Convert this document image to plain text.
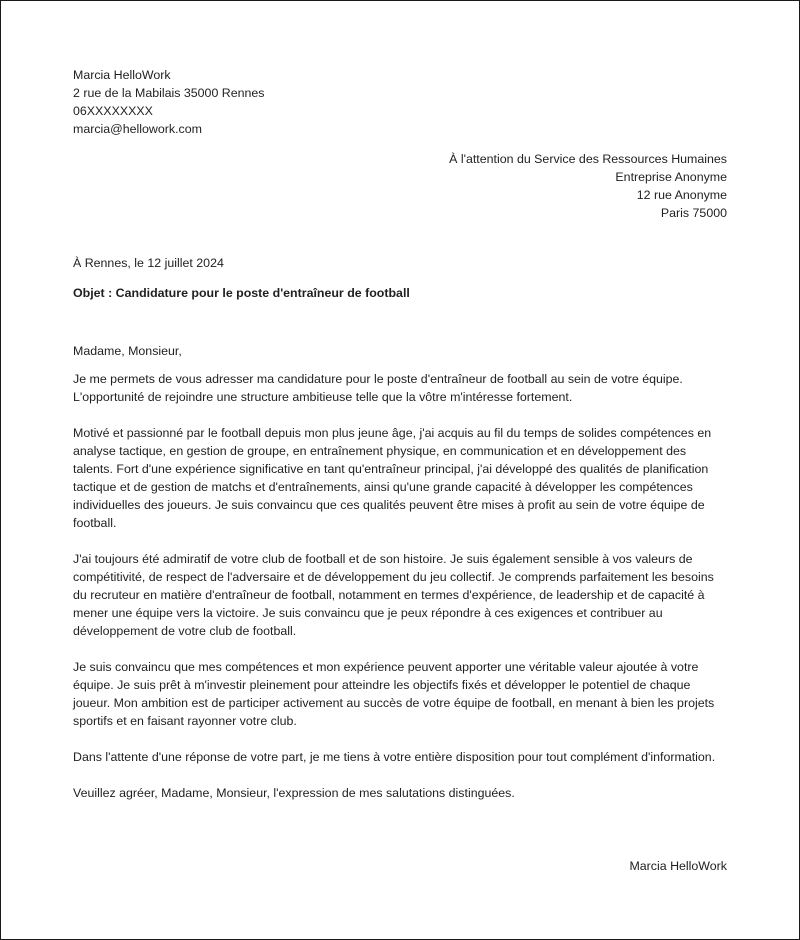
Marcia HelloWork
2 rue de la Mabilais 35000 Rennes
06XXXXXXXX
marcia@hellowork.com
À l'attention du Service des Ressources Humaines
Entreprise Anonyme
12 rue Anonyme
Paris 75000
À Rennes, le 12 juillet 2024
Objet : Candidature pour le poste d'entraîneur de football

Madame, Monsieur,

Je me permets de vous adresser ma candidature pour le poste d'entraîneur de football au sein de votre équipe. L'opportunité de rejoindre une structure ambitieuse telle que la vôtre m'intéresse fortement.

Motivé et passionné par le football depuis mon plus jeune âge, j'ai acquis au fil du temps de solides compétences en analyse tactique, en gestion de groupe, en entraînement physique, en communication et en développement des talents. Fort d'une expérience significative en tant qu'entraîneur principal, j'ai développé des qualités de planification tactique et de gestion de matchs et d'entraînements, ainsi qu'une grande capacité à développer les compétences individuelles des joueurs. Je suis convaincu que ces qualités peuvent être mises à profit au sein de votre équipe de football.

J'ai toujours été admiratif de votre club de football et de son histoire. Je suis également sensible à vos valeurs de compétitivité, de respect de l'adversaire et de développement du jeu collectif. Je comprends parfaitement les besoins du recruteur en matière d'entraîneur de football, notamment en termes d'expérience, de leadership et de capacité à mener une équipe vers la victoire. Je suis convaincu que je peux répondre à ces exigences et contribuer au développement de votre club de football.

Je suis convaincu que mes compétences et mon expérience peuvent apporter une véritable valeur ajoutée à votre équipe. Je suis prêt à m'investir pleinement pour atteindre les objectifs fixés et développer le potentiel de chaque joueur. Mon ambition est de participer activement au succès de votre équipe de football, en menant à bien les projets sportifs et en faisant rayonner votre club.

Dans l'attente d'une réponse de votre part, je me tiens à votre entière disposition pour tout complément d'information.

Veuillez agréer, Madame, Monsieur, l'expression de mes salutations distinguées.

Marcia HelloWork
